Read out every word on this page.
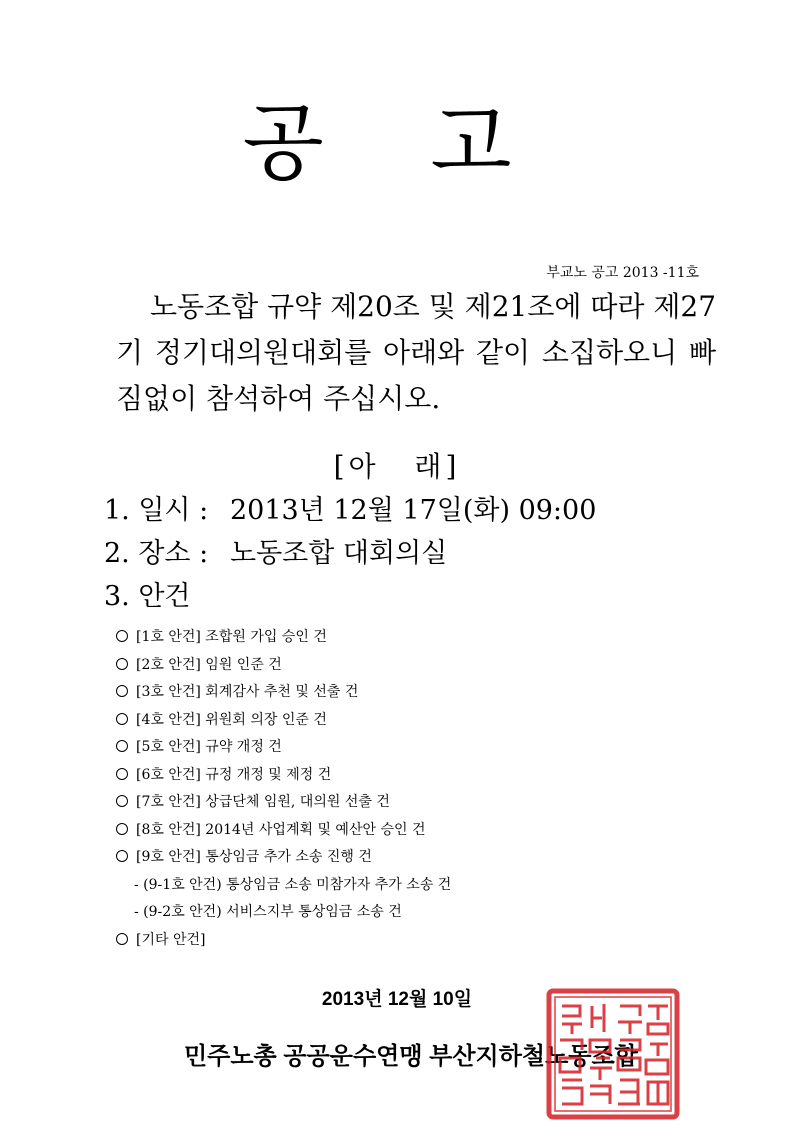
공 고
부교노 공고 2013 -11호
노동조합 규약 제20조 및 제21조에 따라 제27기 정기대의원대회를 아래와 같이 소집하오니 빠짐없이 참석하여 주십시오.
[아 래]
1. 일시 : 2013년 12월 17일(화) 09:00
2. 장소 : 노동조합 대회의실
3. 안건
[1호 안건] 조합원 가입 승인 건
[2호 안건] 임원 인준 건
[3호 안건] 회계감사 추천 및 선출 건
[4호 안건] 위원회 의장 인준 건
[5호 안건] 규약 개정 건
[6호 안건] 규정 개정 및 제정 건
[7호 안건] 상급단체 임원, 대의원 선출 건
[8호 안건] 2014년 사업계획 및 예산안 승인 건
[9호 안건] 통상임금 추가 소송 진행 건
- (9-1호 안건) 통상임금 소송 미참가자 추가 소송 건
- (9-2호 안건) 서비스지부 통상임금 소송 건
[기타 안건]
2013년 12월 10일
민주노총 공공운수연맹 부산지하철노동조합
